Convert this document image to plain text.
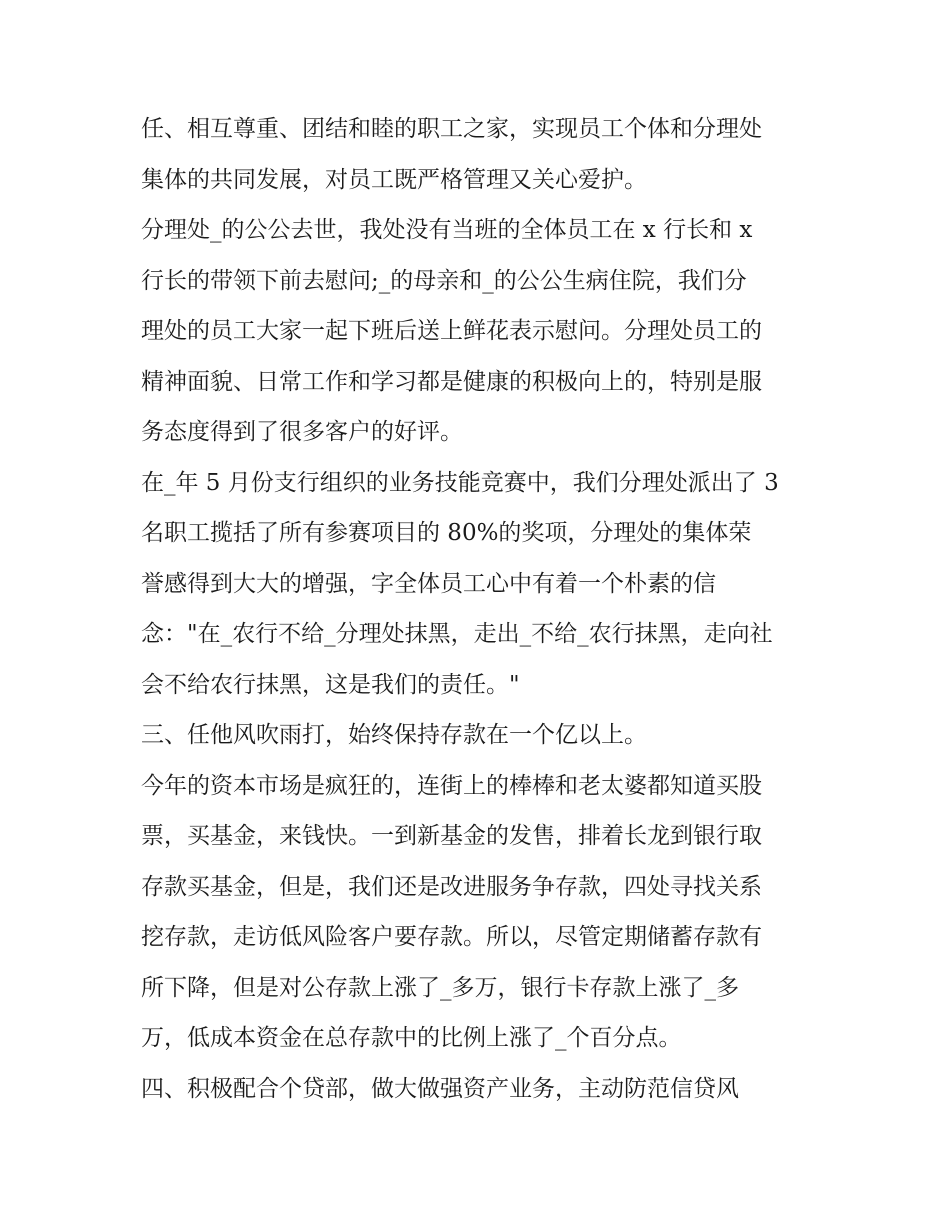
任、相互尊重、团结和睦的职工之家，实现员工个体和分理处
集体的共同发展，对员工既严格管理又关心爱护。
分理处_的公公去世，我处没有当班的全体员工在 x 行长和 x
行长的带领下前去慰问;_的母亲和_的公公生病住院，我们分
理处的员工大家一起下班后送上鲜花表示慰问。分理处员工的
精神面貌、日常工作和学习都是健康的积极向上的，特别是服
务态度得到了很多客户的好评。
在_年 5 月份支行组织的业务技能竞赛中，我们分理处派出了 3
名职工揽括了所有参赛项目的 80%的奖项，分理处的集体荣
誉感得到大大的增强，字全体员工心中有着一个朴素的信
念："在_农行不给_分理处抹黑，走出_不给_农行抹黑，走向社
会不给农行抹黑，这是我们的责任。"
三、任他风吹雨打，始终保持存款在一个亿以上。
今年的资本市场是疯狂的，连街上的棒棒和老太婆都知道买股
票，买基金，来钱快。一到新基金的发售，排着长龙到银行取
存款买基金，但是，我们还是改进服务争存款，四处寻找关系
挖存款，走访低风险客户要存款。所以，尽管定期储蓄存款有
所下降，但是对公存款上涨了_多万，银行卡存款上涨了_多
万，低成本资金在总存款中的比例上涨了_个百分点。
四、积极配合个贷部，做大做强资产业务，主动防范信贷风
